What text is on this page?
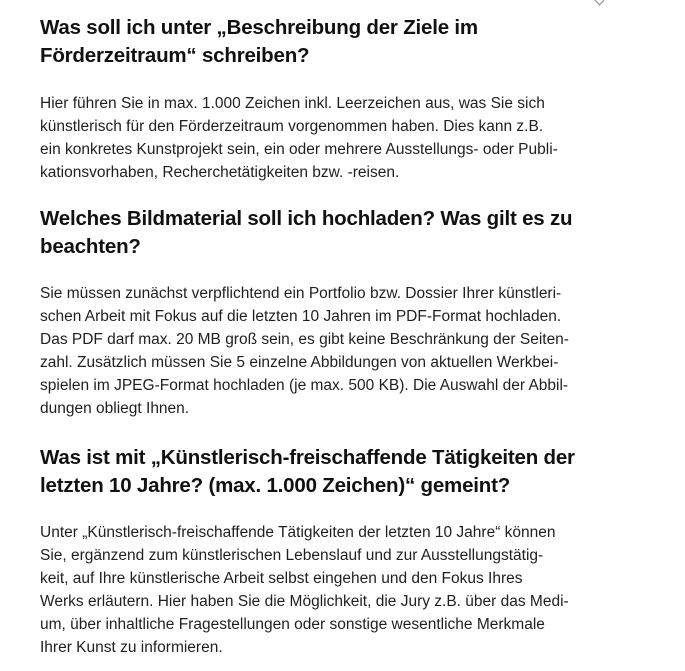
Was soll ich unter „Beschreibung der Ziele im
Förderzeitraum“ schreiben?

Hier führen Sie in max. 1.000 Zeichen inkl. Leerzeichen aus, was Sie sich
künstlerisch für den Förderzeitraum vorgenommen haben. Dies kann z.B.
ein konkretes Kunstprojekt sein, ein oder mehrere Ausstellungs- oder Publi-
kationsvorhaben, Recherchetätigkeiten bzw. -reisen.

Welches Bildmaterial soll ich hochladen? Was gilt es zu
beachten?

Sie müssen zunächst verpflichtend ein Portfolio bzw. Dossier Ihrer künstleri-
schen Arbeit mit Fokus auf die letzten 10 Jahren im PDF-Format hochladen.
Das PDF darf max. 20 MB groß sein, es gibt keine Beschränkung der Seiten-
zahl. Zusätzlich müssen Sie 5 einzelne Abbildungen von aktuellen Werkbei-
spielen im JPEG-Format hochladen (je max. 500 KB). Die Auswahl der Abbil-
dungen obliegt Ihnen.

Was ist mit „Künstlerisch-freischaffende Tätigkeiten der
letzten 10 Jahre? (max. 1.000 Zeichen)“ gemeint?

Unter „Künstlerisch-freischaffende Tätigkeiten der letzten 10 Jahre“ können
Sie, ergänzend zum künstlerischen Lebenslauf und zur Ausstellungstätig-
keit, auf Ihre künstlerische Arbeit selbst eingehen und den Fokus Ihres
Werks erläutern. Hier haben Sie die Möglichkeit, die Jury z.B. über das Medi-
um, über inhaltliche Fragestellungen oder sonstige wesentliche Merkmale
Ihrer Kunst zu informieren.
